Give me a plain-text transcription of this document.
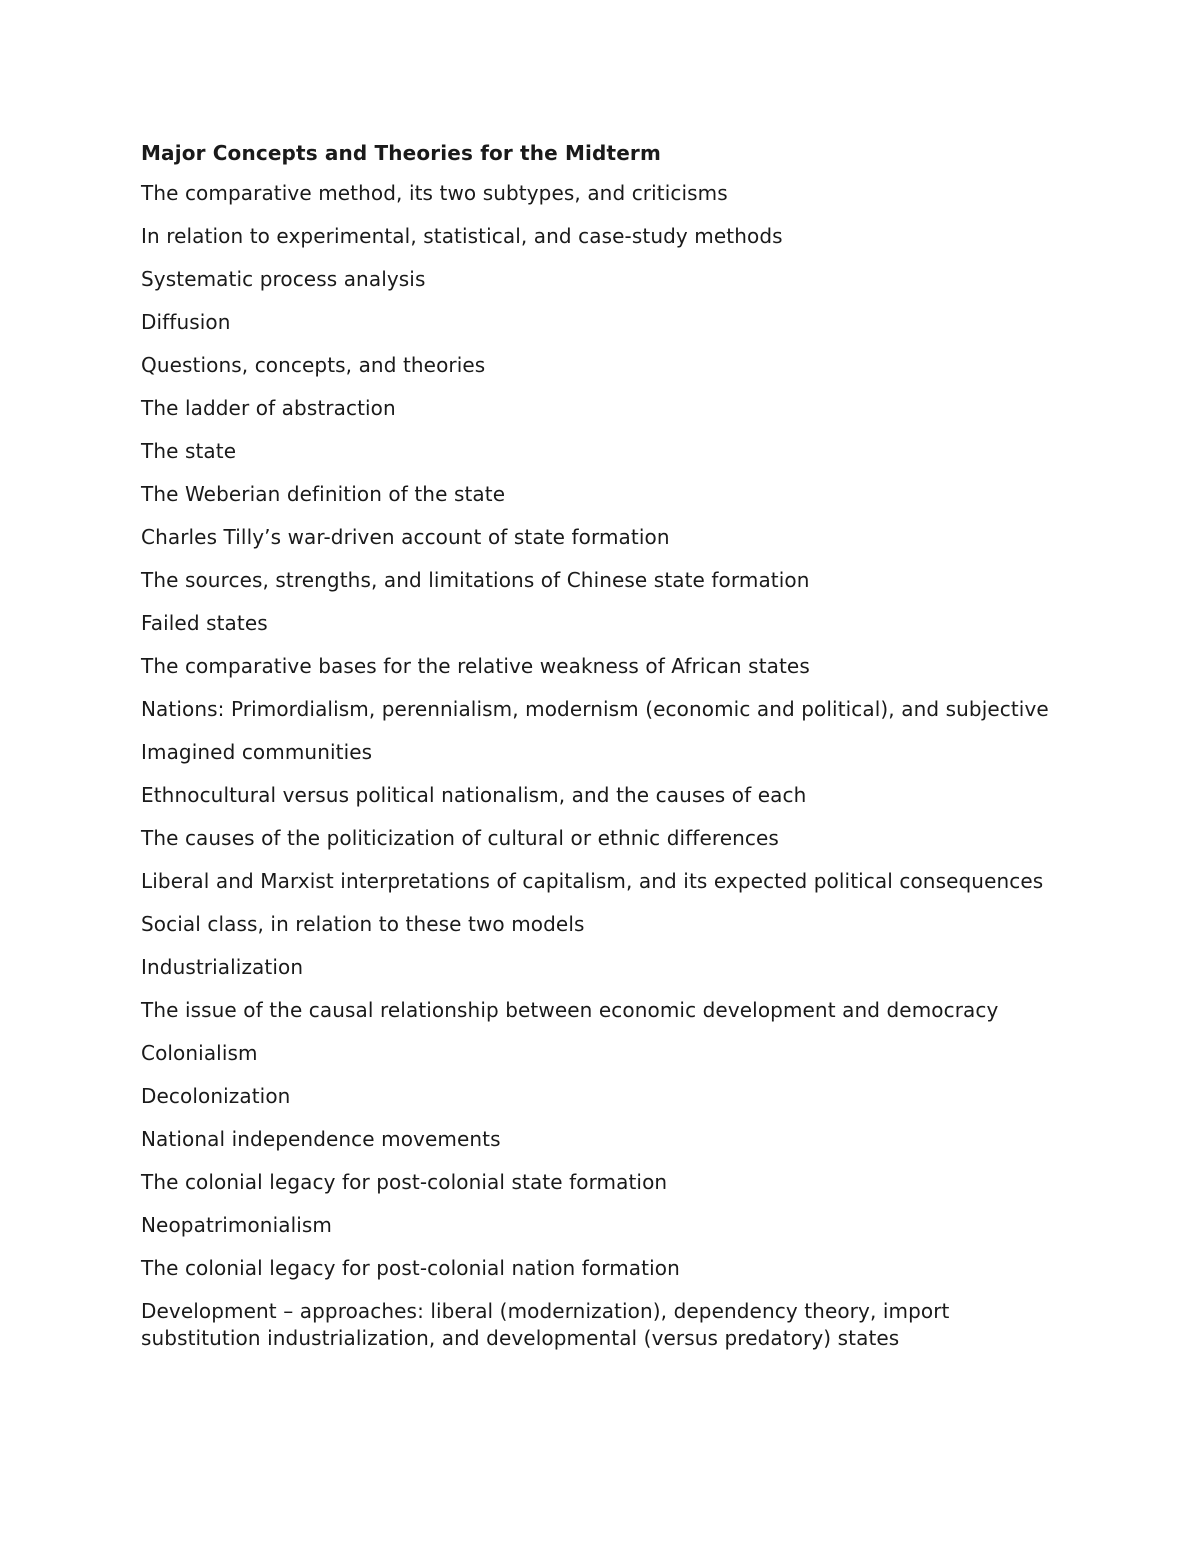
Major Concepts and Theories for the Midterm
The comparative method, its two subtypes, and criticisms
In relation to experimental, statistical, and case-study methods
Systematic process analysis
Diffusion
Questions, concepts, and theories
The ladder of abstraction
The state
The Weberian definition of the state
Charles Tilly’s war-driven account of state formation
The sources, strengths, and limitations of Chinese state formation
Failed states
The comparative bases for the relative weakness of African states
Nations: Primordialism, perennialism, modernism (economic and political), and subjective
Imagined communities
Ethnocultural versus political nationalism, and the causes of each
The causes of the politicization of cultural or ethnic differences
Liberal and Marxist interpretations of capitalism, and its expected political consequences
Social class, in relation to these two models
Industrialization
The issue of the causal relationship between economic development and democracy
Colonialism
Decolonization
National independence movements
The colonial legacy for post-colonial state formation
Neopatrimonialism
The colonial legacy for post-colonial nation formation
Development – approaches: liberal (modernization), dependency theory, import substitution industrialization, and developmental (versus predatory) states
